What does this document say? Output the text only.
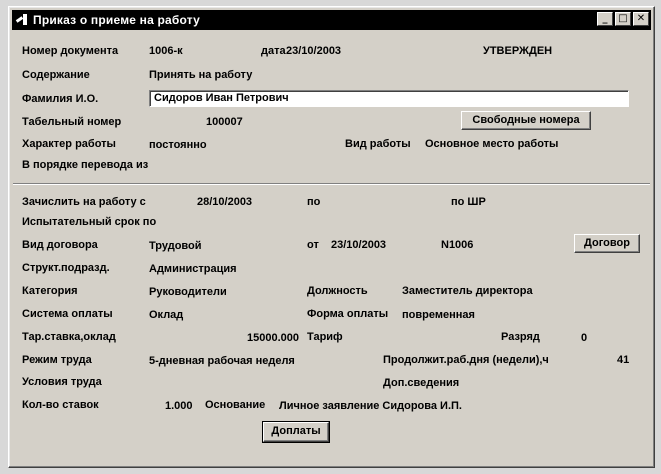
Приказ о приеме на работу	_	□ ✕
Номер документа	1006-к	дата 23/10/2003	УТВЕРЖДЕН
Содержание	Принять на работу
Фамилия И.О.	Сидоров Иван Петрович
Табельный номер	100007	Свободные номера
Характер работы	постоянно	Вид работы Основное место работы
В порядке перевода из
Зачислить на работу с	28/10/2003	по	по ШР
Испытательный срок по
Вид договора	Трудовой	от 23/10/2003	N1006	Договор
Структ.подразд.	Администрация
Категория	Руководители	Должность	Заместитель директора
Система оплаты	Оклад	Форма оплаты повременная
Тар.ставка,оклад	15000.000 Тариф	Разряд	0
Режим труда	5-дневная рабочая неделя	Продолжит.раб.дня (недели),ч	41
Условия труда	Доп.сведения
Кол-во ставок	1.000 Основание Личное заявление Сидорова И.П.
Доплаты
